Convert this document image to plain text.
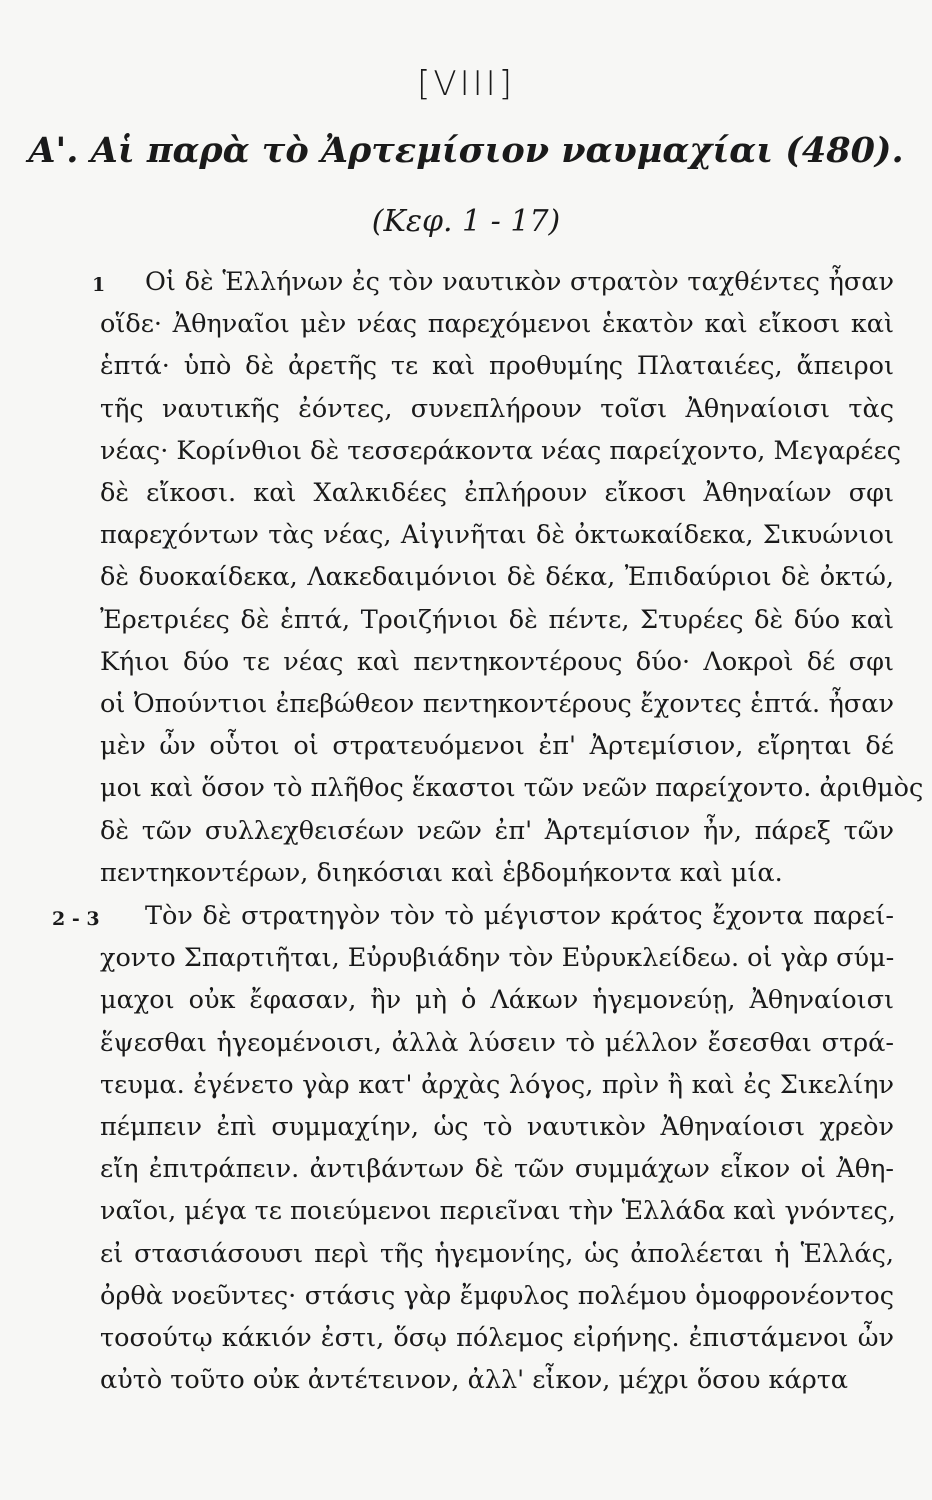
[VIII]
Α'. Αἱ παρὰ τὸ Ἀρτεμίσιον ναυμαχίαι (480).
(Κεφ. 1 - 17)
1 Οἱ δὲ Ἑλλήνων ἐς τὸν ναυτικὸν στρατὸν ταχθέντες ἦσαν
οἵδε· Ἀθηναῖοι μὲν νέας παρεχόμενοι ἑκατὸν καὶ εἴκοσι καὶ
ἑπτά· ὑπὸ δὲ ἀρετῆς τε καὶ προθυμίης Πλαταιέες, ἄπειροι
τῆς ναυτικῆς ἐόντες, συνεπλήρουν τοῖσι Ἀθηναίοισι τὰς
νέας· Κορίνθιοι δὲ τεσσεράκοντα νέας παρείχοντο, Μεγαρέες
δὲ εἴκοσι. καὶ Χαλκιδέες ἐπλήρουν εἴκοσι Ἀθηναίων σφι
παρεχόντων τὰς νέας, Αἰγινῆται δὲ ὀκτωκαίδεκα, Σικυώνιοι
δὲ δυοκαίδεκα, Λακεδαιμόνιοι δὲ δέκα, Ἐπιδαύριοι δὲ ὀκτώ,
Ἐρετριέες δὲ ἑπτά, Τροιζήνιοι δὲ πέντε, Στυρέες δὲ δύο καὶ
Κήιοι δύο τε νέας καὶ πεντηκοντέρους δύο· Λοκροὶ δέ σφι
οἱ Ὀπούντιοι ἐπεβώθεον πεντηκοντέρους ἔχοντες ἑπτά. ἦσαν
μὲν ὦν οὗτοι οἱ στρατευόμενοι ἐπ' Ἀρτεμίσιον, εἴρηται δέ
μοι καὶ ὅσον τὸ πλῆθος ἕκαστοι τῶν νεῶν παρείχοντο. ἀριθμὸς
δὲ τῶν συλλεχθεισέων νεῶν ἐπ' Ἀρτεμίσιον ἦν, πάρεξ τῶν
πεντηκοντέρων, διηκόσιαι καὶ ἑβδομήκοντα καὶ μία.
2 - 3 Τὸν δὲ στρατηγὸν τὸν τὸ μέγιστον κράτος ἔχοντα παρεί-
χοντο Σπαρτιῆται, Εὐρυβιάδην τὸν Εὐρυκλείδεω. οἱ γὰρ σύμ-
μαχοι οὐκ ἔφασαν, ἢν μὴ ὁ Λάκων ἡγεμονεύῃ, Ἀθηναίοισι
ἕψεσθαι ἡγεομένοισι, ἀλλὰ λύσειν τὸ μέλλον ἔσεσθαι στρά-
τευμα. ἐγένετο γὰρ κατ' ἀρχὰς λόγος, πρὶν ἢ καὶ ἐς Σικελίην
πέμπειν ἐπὶ συμμαχίην, ὡς τὸ ναυτικὸν Ἀθηναίοισι χρεὸν
εἴη ἐπιτράπειν. ἀντιβάντων δὲ τῶν συμμάχων εἶκον οἱ Ἀθη-
ναῖοι, μέγα τε ποιεύμενοι περιεῖναι τὴν Ἑλλάδα καὶ γνόντες,
εἰ στασιάσουσι περὶ τῆς ἡγεμονίης, ὡς ἀπολέεται ἡ Ἑλλάς,
ὀρθὰ νοεῦντες· στάσις γὰρ ἔμφυλος πολέμου ὁμοφρονέοντος
τοσούτῳ κάκιόν ἐστι, ὅσῳ πόλεμος εἰρήνης. ἐπιστάμενοι ὦν
αὐτὸ τοῦτο οὐκ ἀντέτεινον, ἀλλ' εἶκον, μέχρι ὅσου κάρτα
